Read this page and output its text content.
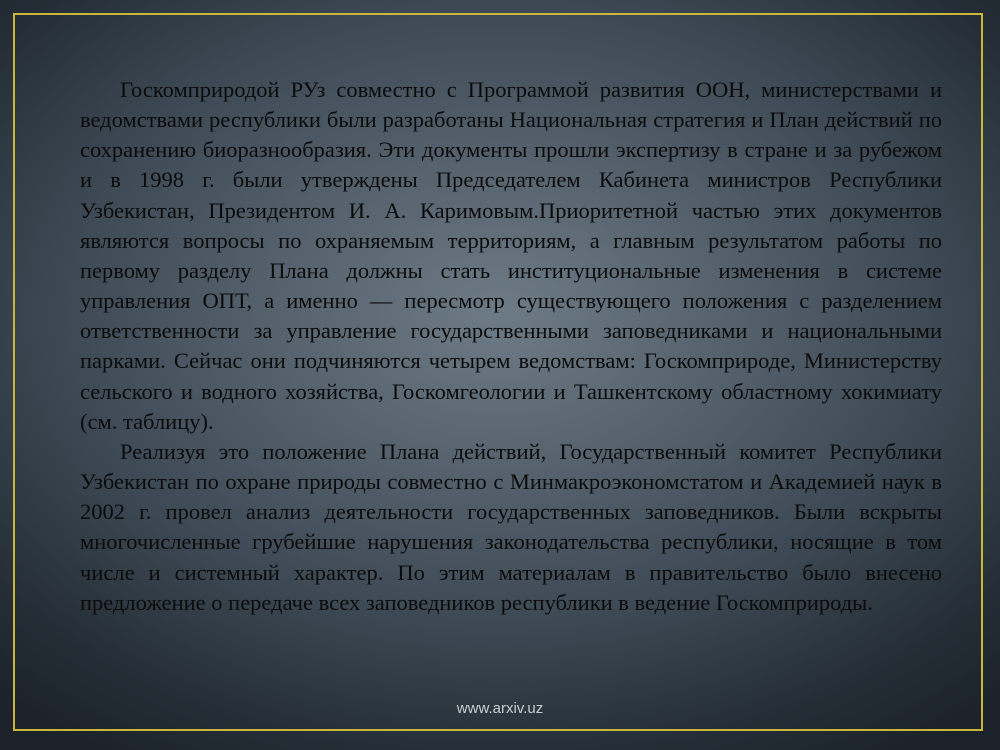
Госкомприродой РУз совместно с Программой развития ООН, министерствами и ведомствами республики были разработаны Национальная стратегия и План действий по сохранению биоразнообразия. Эти документы прошли экспертизу в стране и за рубежом и в 1998 г. были утверждены Председателем Кабинета министров Республики Узбекистан, Президентом И. А. Каримовым.Приоритетной частью этих документов являются вопросы по охраняемым территориям, а главным результатом работы по первому разделу Плана должны стать институциональные изменения в системе управления ОПТ, а именно — пересмотр существующего положения с разделением ответственности за управление государственными заповедниками и национальными парками. Сейчас они подчиняются четырем ведомствам: Госкомприроде, Министерству сельского и водного хозяйства, Госкомгеологии и Ташкентскому областному хокимиату (см. таблицу).

Реализуя это положение Плана действий, Государственный комитет Республики Узбекистан по охране природы совместно с Минмакроэкономстатом и Академией наук в 2002 г. провел анализ деятельности государственных заповедников. Были вскрыты многочисленные грубейшие нарушения законодательства республики, носящие в том числе и системный характер. По этим материалам в правительство было внесено предложение о передаче всех заповедников республики в ведение Госкомприроды.

www.arxiv.uz
